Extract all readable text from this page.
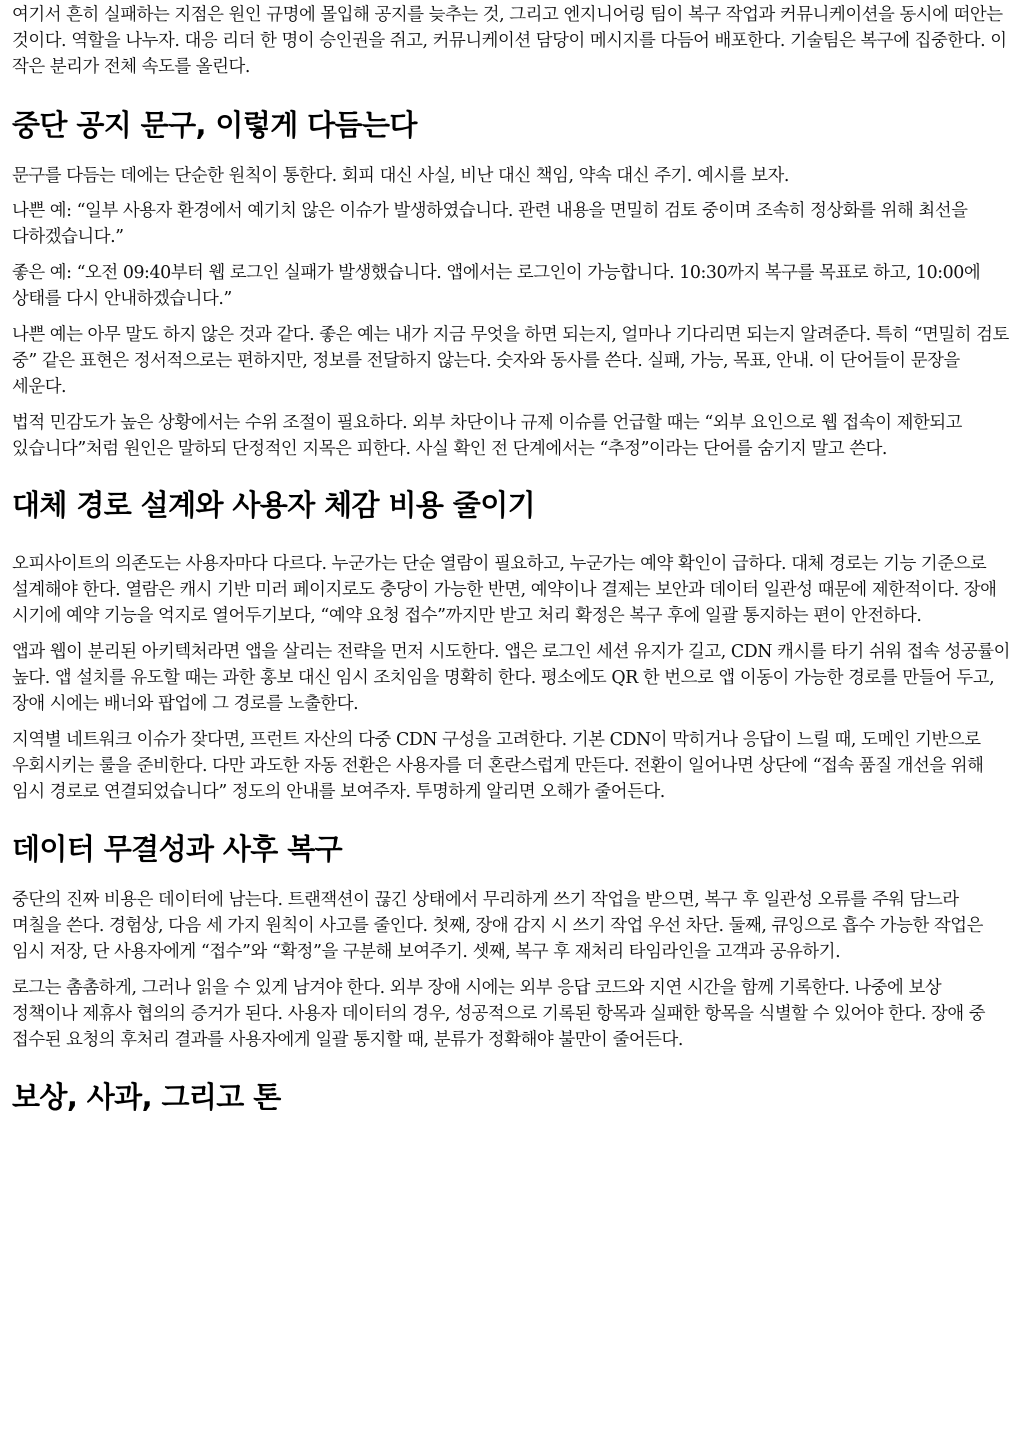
여기서 흔히 실패하는 지점은 원인 규명에 몰입해 공지를 늦추는 것, 그리고 엔지니어링 팀이 복구 작업과 커뮤니케이션을 동시에 떠안는 것이다. 역할을 나누자. 대응 리더 한 명이 승인권을 쥐고, 커뮤니케이션 담당이 메시지를 다듬어 배포한다. 기술팀은 복구에 집중한다. 이 작은 분리가 전체 속도를 올린다.

중단 공지 문구, 이렇게 다듬는다

문구를 다듬는 데에는 단순한 원칙이 통한다. 회피 대신 사실, 비난 대신 책임, 약속 대신 주기. 예시를 보자.

나쁜 예: “일부 사용자 환경에서 예기치 않은 이슈가 발생하였습니다. 관련 내용을 면밀히 검토 중이며 조속히 정상화를 위해 최선을 다하겠습니다.”

좋은 예: “오전 09:40부터 웹 로그인 실패가 발생했습니다. 앱에서는 로그인이 가능합니다. 10:30까지 복구를 목표로 하고, 10:00에 상태를 다시 안내하겠습니다.”

나쁜 예는 아무 말도 하지 않은 것과 같다. 좋은 예는 내가 지금 무엇을 하면 되는지, 얼마나 기다리면 되는지 알려준다. 특히 “면밀히 검토 중” 같은 표현은 정서적으로는 편하지만, 정보를 전달하지 않는다. 숫자와 동사를 쓴다. 실패, 가능, 목표, 안내. 이 단어들이 문장을 세운다.

법적 민감도가 높은 상황에서는 수위 조절이 필요하다. 외부 차단이나 규제 이슈를 언급할 때는 “외부 요인으로 웹 접속이 제한되고 있습니다”처럼 원인은 말하되 단정적인 지목은 피한다. 사실 확인 전 단계에서는 “추정”이라는 단어를 숨기지 말고 쓴다.

대체 경로 설계와 사용자 체감 비용 줄이기

오피사이트의 의존도는 사용자마다 다르다. 누군가는 단순 열람이 필요하고, 누군가는 예약 확인이 급하다. 대체 경로는 기능 기준으로 설계해야 한다. 열람은 캐시 기반 미러 페이지로도 충당이 가능한 반면, 예약이나 결제는 보안과 데이터 일관성 때문에 제한적이다. 장애 시기에 예약 기능을 억지로 열어두기보다, “예약 요청 접수”까지만 받고 처리 확정은 복구 후에 일괄 통지하는 편이 안전하다.

앱과 웹이 분리된 아키텍처라면 앱을 살리는 전략을 먼저 시도한다. 앱은 로그인 세션 유지가 길고, CDN 캐시를 타기 쉬워 접속 성공률이 높다. 앱 설치를 유도할 때는 과한 홍보 대신 임시 조치임을 명확히 한다. 평소에도 QR 한 번으로 앱 이동이 가능한 경로를 만들어 두고, 장애 시에는 배너와 팝업에 그 경로를 노출한다.

지역별 네트워크 이슈가 잦다면, 프런트 자산의 다중 CDN 구성을 고려한다. 기본 CDN이 막히거나 응답이 느릴 때, 도메인 기반으로 우회시키는 룰을 준비한다. 다만 과도한 자동 전환은 사용자를 더 혼란스럽게 만든다. 전환이 일어나면 상단에 “접속 품질 개선을 위해 임시 경로로 연결되었습니다” 정도의 안내를 보여주자. 투명하게 알리면 오해가 줄어든다.

데이터 무결성과 사후 복구

중단의 진짜 비용은 데이터에 남는다. 트랜잭션이 끊긴 상태에서 무리하게 쓰기 작업을 받으면, 복구 후 일관성 오류를 주워 담느라 며칠을 쓴다. 경험상, 다음 세 가지 원칙이 사고를 줄인다. 첫째, 장애 감지 시 쓰기 작업 우선 차단. 둘째, 큐잉으로 흡수 가능한 작업은 임시 저장, 단 사용자에게 “접수”와 “확정”을 구분해 보여주기. 셋째, 복구 후 재처리 타임라인을 고객과 공유하기.

로그는 촘촘하게, 그러나 읽을 수 있게 남겨야 한다. 외부 장애 시에는 외부 응답 코드와 지연 시간을 함께 기록한다. 나중에 보상 정책이나 제휴사 협의의 증거가 된다. 사용자 데이터의 경우, 성공적으로 기록된 항목과 실패한 항목을 식별할 수 있어야 한다. 장애 중 접수된 요청의 후처리 결과를 사용자에게 일괄 통지할 때, 분류가 정확해야 불만이 줄어든다.

보상, 사과, 그리고 톤
